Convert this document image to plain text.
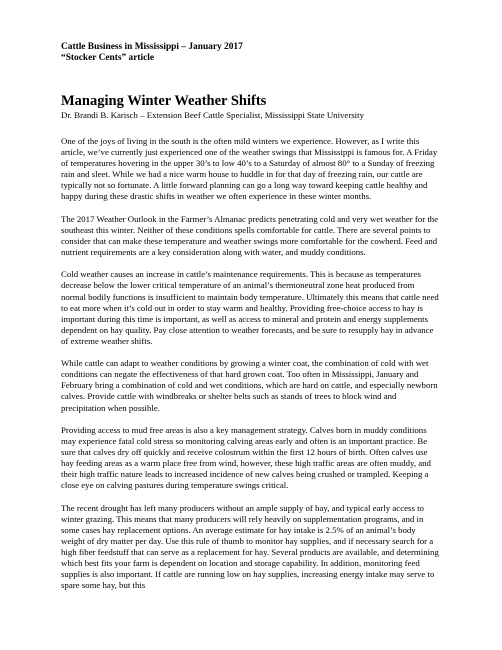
Cattle Business in Mississippi – January 2017

“Stocker Cents” article

Managing Winter Weather Shifts

Dr. Brandi B. Karisch – Extension Beef Cattle Specialist, Mississippi State University

One of the joys of living in the south is the often mild winters we experience. However, as I write this article, we’ve currently just experienced one of the weather swings that Mississippi is famous for. A Friday of temperatures hovering in the upper 30’s to low 40’s to a Saturday of almost 80° to a Sunday of freezing rain and sleet. While we had a nice warm house to huddle in for that day of freezing rain, our cattle are typically not so fortunate. A little forward planning can go a long way toward keeping cattle healthy and happy during these drastic shifts in weather we often experience in these winter months.

The 2017 Weather Outlook in the Farmer’s Almanac predicts penetrating cold and very wet weather for the southeast this winter. Neither of these conditions spells comfortable for cattle. There are several points to consider that can make these temperature and weather swings more comfortable for the cowherd. Feed and nutrient requirements are a key consideration along with water, and muddy conditions.

Cold weather causes an increase in cattle’s maintenance requirements. This is because as temperatures decrease below the lower critical temperature of an animal’s thermoneutral zone heat produced from normal bodily functions is insufficient to maintain body temperature. Ultimately this means that cattle need to eat more when it’s cold out in order to stay warm and healthy. Providing free-choice access to hay is important during this time is important, as well as access to mineral and protein and energy supplements dependent on hay quality. Pay close attention to weather forecasts, and be sure to resupply hay in advance of extreme weather shifts.

While cattle can adapt to weather conditions by growing a winter coat, the combination of cold with wet conditions can negate the effectiveness of that hard grown coat. Too often in Mississippi, January and February bring a combination of cold and wet conditions, which are hard on cattle, and especially newborn calves. Provide cattle with windbreaks or shelter belts such as stands of trees to block wind and precipitation when possible.

Providing access to mud free areas is also a key management strategy. Calves born in muddy conditions may experience fatal cold stress so monitoring calving areas early and often is an important practice. Be sure that calves dry off quickly and receive colostrum within the first 12 hours of birth. Often calves use hay feeding areas as a warm place free from wind, however, these high traffic areas are often muddy, and their high traffic nature leads to increased incidence of new calves being crushed or trampled. Keeping a close eye on calving pastures during temperature swings critical.

The recent drought has left many producers without an ample supply of hay, and typical early access to winter grazing. This means that many producers will rely heavily on supplementation programs, and in some cases hay replacement options. An average estimate for hay intake is 2.5% of an animal’s body weight of dry matter per day. Use this rule of thumb to monitor hay supplies, and if necessary search for a high fiber feedstuff that can serve as a replacement for hay. Several products are available, and determining which best fits your farm is dependent on location and storage capability. In addition, monitoring feed supplies is also important. If cattle are running low on hay supplies, increasing energy intake may serve to spare some hay, but this
